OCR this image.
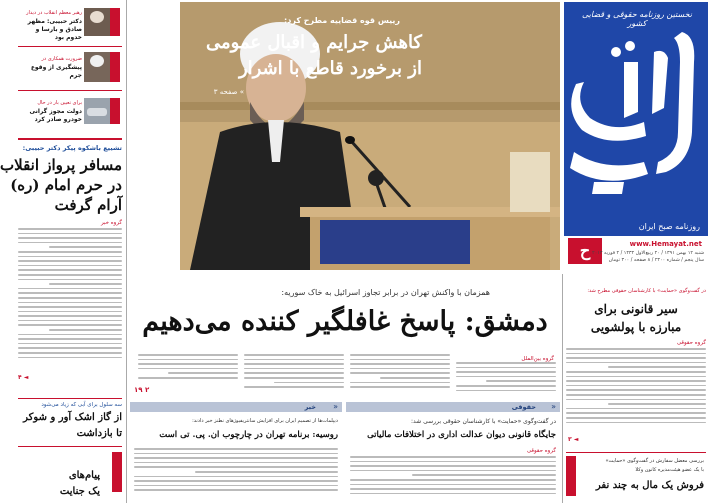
نخستین روزنامه حقوقی و قضایی کشور
روزنامه صبح ایران
ح	www.Hemayat.net
شنبه ۱۲ بهمن ۱۳۹۱ / ۲۰ ربیع‌الاول ۱۴۳۴ / ۲ فوریه ۲۰۱۳
سال پنجم / شماره ۲۳۰۰ / ۸ صفحه / ۳۰۰ تومان
رییس قوه قضاییه مطرح کرد:
کاهش جرایم و اقبال عمومی
از برخورد قاطع با اشرار
» صفحه ۳
رهبر معظم انقلاب در دیدار
دکتر حبیبی: مظهر صادق و بارسا و خدوم بود
ضرورت همکاری در
پیشگیری از وقوع جرم
برای تعیین بار در حال
دولت مجوز گرانی خودرو صادر کرد
تشییع باشکوه پیکر دکتر حبیبی:
مسافر پرواز انقلاب
در حرم امام (ره)
آرام گرفت
گروه خبر
◄ ۴
سه سلول برای آبی که زیاد می‌شود
از گاز اشک آور و شوکر
تا بازداشت
پیام‌های
یک جنایت
همزمان با واکنش تهران در برابر تجاوز اسرائیل به خاک سوریه:
دمشق: پاسخ غافلگیر کننده می‌دهیم
گروه بین‌الملل
۲ ۱۹
حقوقی «
در گفت‌وگوی «حمایت» با کارشناسان حقوقی بررسی شد:
جایگاه قانونی دیوان عدالت اداری در اختلافات مالیاتی
گروه حقوقی
خبر «
دیپلمات‌ها از تصمیم ایران برای افزایش سانتریفیوژهای نطنز خبر دادند:
روسیه: برنامه تهران در چارچوب ان. پی. تی است
در گفت‌وگوی «حمایت» با کارشناسان حقوقی مطرح شد:
سیر قانونی برای
مبارزه با پولشویی
گروه حقوقی
◄ ۳
بررسی معضل سفارش در گفت‌وگوی «حمایت»
با یک عضو هیئت‌مدیره کانون وکلا
فروش یک مال به چند نفر
